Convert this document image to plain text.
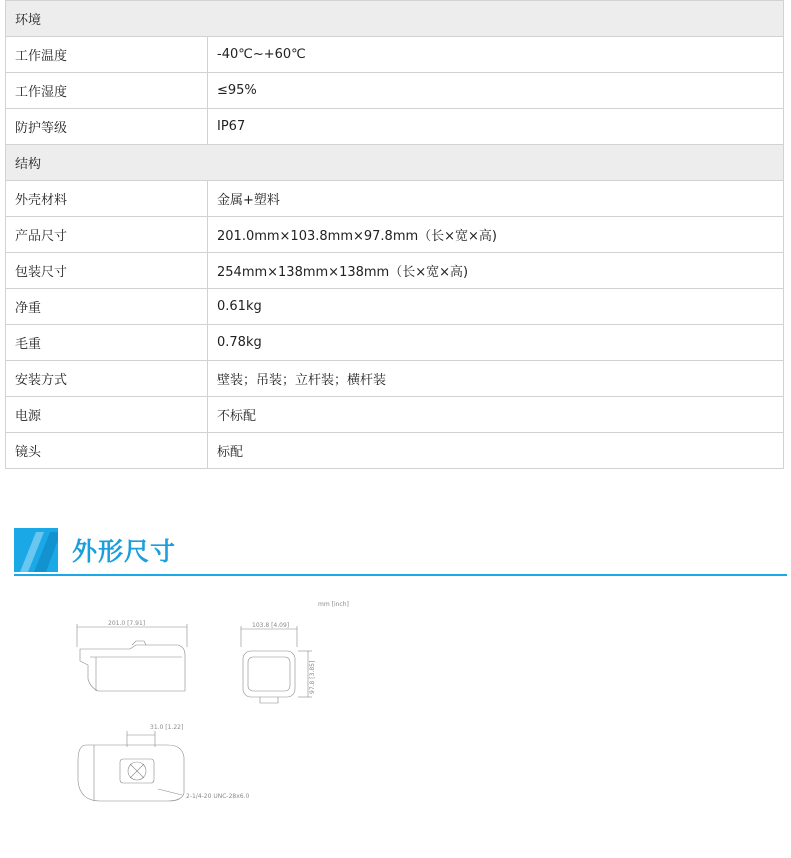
环境	
工作温度	-40℃~+60℃
工作湿度	≤95%
防护等级	IP67
结构	
外壳材料	金属+塑料
产品尺寸	201.0mm×103.8mm×97.8mm（长×宽×高)
包装尺寸	254mm×138mm×138mm（长×宽×高)
净重	0.61kg
毛重	0.78kg
安装方式	壁装；吊装；立杆装；横杆装
电源	不标配
镜头	标配
外形尺寸
mm [inch]
201.0 [7.91]	103.8 [4.09]
97.8 [3.85]
31.0 [1.22]
2-1/4-20 UNC-28x6.0
